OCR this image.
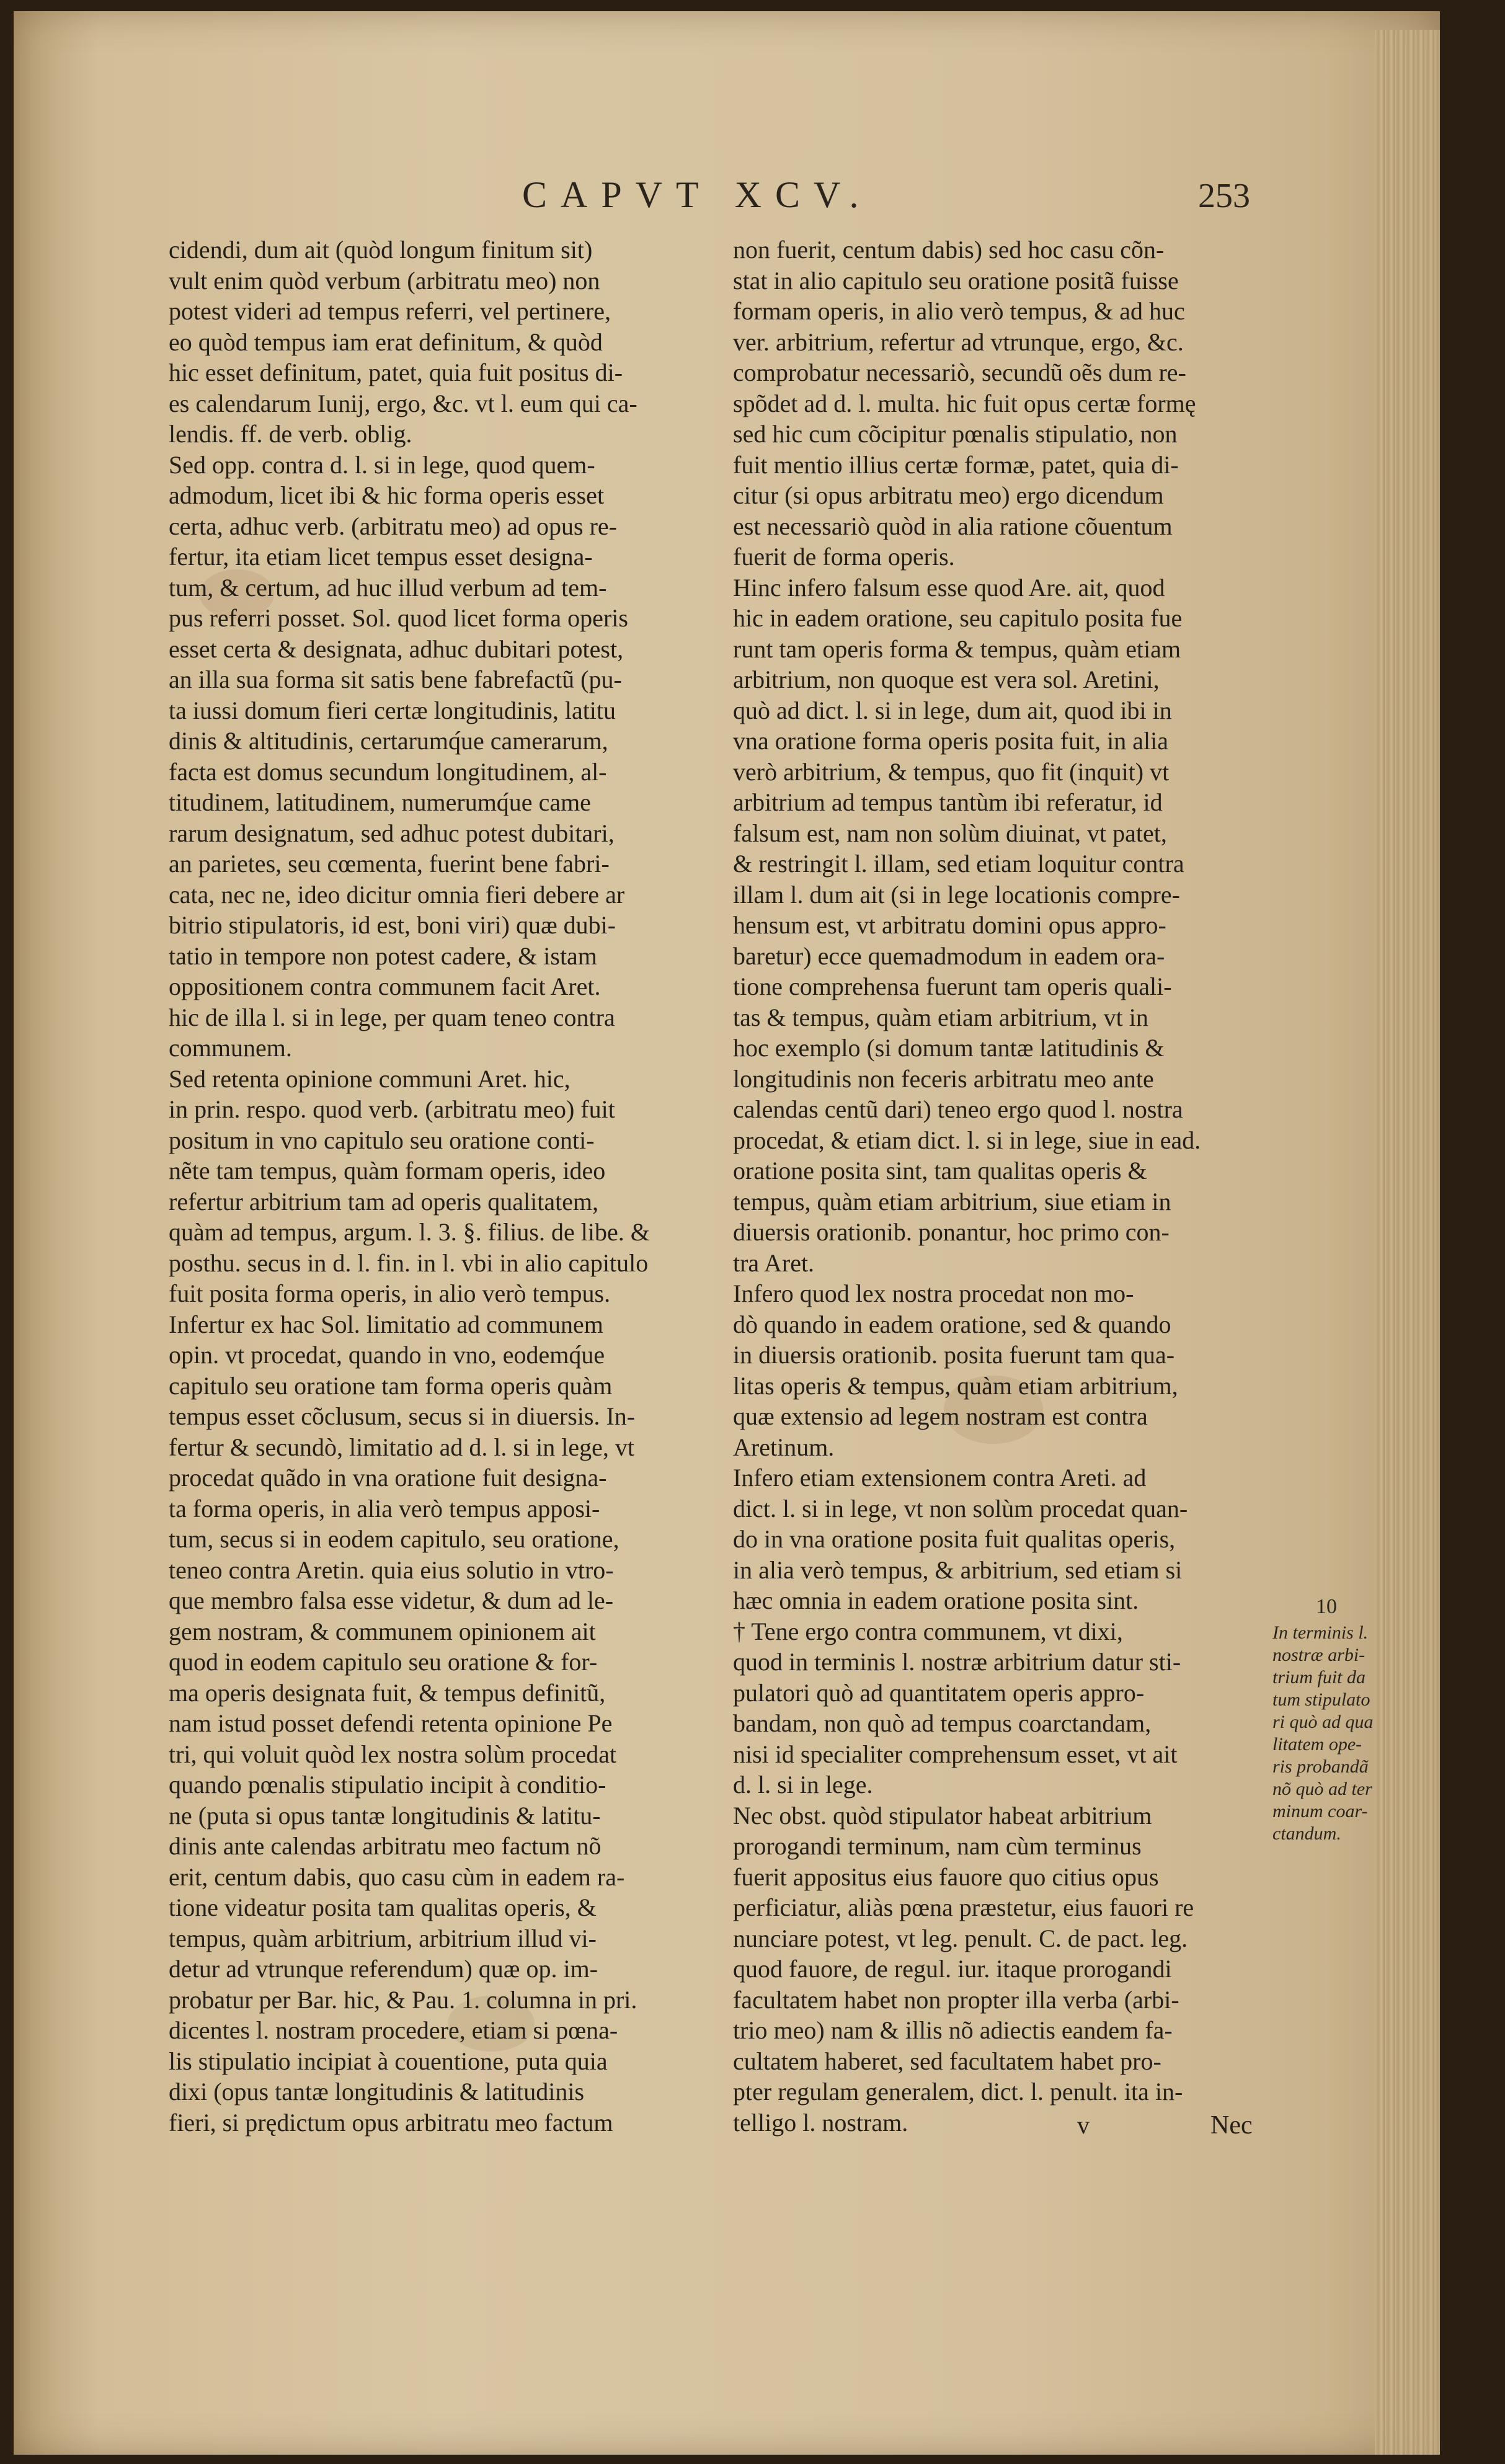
CAPVT XCV.	253
cidendi, dum ait (quòd longum finitum sit)
vult enim quòd verbum (arbitratu meo) non
potest videri ad tempus referri, vel pertinere,
eo quòd tempus iam erat definitum, & quòd
hic esset definitum, patet, quia fuit positus di-
es calendarum Iunij, ergo, &c. vt l. eum qui ca-
lendis. ff. de verb. oblig.
Sed opp. contra d. l. si in lege, quod quem-
admodum, licet ibi & hic forma operis esset
certa, adhuc verb. (arbitratu meo) ad opus re-
fertur, ita etiam licet tempus esset designa-
tum, & certum, ad huc illud verbum ad tem-
pus referri posset. Sol. quod licet forma operis
esset certa & designata, adhuc dubitari potest,
an illa sua forma sit satis bene fabrefactũ (pu-
ta iussi domum fieri certæ longitudinis, latitu
dinis & altitudinis, certarumq́ue camerarum,
facta est domus secundum longitudinem, al-
titudinem, latitudinem, numerumq́ue came
rarum designatum, sed adhuc potest dubitari,
an parietes, seu cœmenta, fuerint bene fabri-
cata, nec ne, ideo dicitur omnia fieri debere ar
bitrio stipulatoris, id est, boni viri) quæ dubi-
tatio in tempore non potest cadere, & istam
oppositionem contra communem facit Aret.
hic de illa l. si in lege, per quam teneo contra
communem.
Sed retenta opinione communi Aret. hic,
in prin. respo. quod verb. (arbitratu meo) fuit
positum in vno capitulo seu oratione conti-
nẽte tam tempus, quàm formam operis, ideo
refertur arbitrium tam ad operis qualitatem,
quàm ad tempus, argum. l. 3. §. filius. de libe. &
posthu. secus in d. l. fin. in l. vbi in alio capitulo
fuit posita forma operis, in alio verò tempus.
Infertur ex hac Sol. limitatio ad communem
opin. vt procedat, quando in vno, eodemq́ue
capitulo seu oratione tam forma operis quàm
tempus esset cõclusum, secus si in diuersis. In-
fertur & secundò, limitatio ad d. l. si in lege, vt
procedat quãdo in vna oratione fuit designa-
ta forma operis, in alia verò tempus apposi-
tum, secus si in eodem capitulo, seu oratione,
teneo contra Aretin. quia eius solutio in vtro-
que membro falsa esse videtur, & dum ad le-
gem nostram, & communem opinionem ait
quod in eodem capitulo seu oratione & for-
ma operis designata fuit, & tempus definitũ,
nam istud posset defendi retenta opinione Pe
tri, qui voluit quòd lex nostra solùm procedat
quando pœnalis stipulatio incipit à conditio-
ne (puta si opus tantæ longitudinis & latitu-
dinis ante calendas arbitratu meo factum nõ
erit, centum dabis, quo casu cùm in eadem ra-
tione videatur posita tam qualitas operis, &
tempus, quàm arbitrium, arbitrium illud vi-
detur ad vtrunque referendum) quæ op. im-
probatur per Bar. hic, & Pau. 1. columna in pri.
dicentes l. nostram procedere, etiam si pœna-
lis stipulatio incipiat à couentione, puta quia
dixi (opus tantæ longitudinis & latitudinis
fieri, si prędictum opus arbitratu meo factum
non fuerit, centum dabis) sed hoc casu cõn-
stat in alio capitulo seu oratione positã fuisse
formam operis, in alio verò tempus, & ad huc
ver. arbitrium, refertur ad vtrunque, ergo, &c.
comprobatur necessariò, secundũ oẽs dum re-
spõdet ad d. l. multa. hic fuit opus certæ formę
sed hic cum cõcipitur pœnalis stipulatio, non
fuit mentio illius certæ formæ, patet, quia di-
citur (si opus arbitratu meo) ergo dicendum
est necessariò quòd in alia ratione cõuentum
fuerit de forma operis.
Hinc infero falsum esse quod Are. ait, quod
hic in eadem oratione, seu capitulo posita fue
runt tam operis forma & tempus, quàm etiam
arbitrium, non quoque est vera sol. Aretini,
quò ad dict. l. si in lege, dum ait, quod ibi in
vna oratione forma operis posita fuit, in alia
verò arbitrium, & tempus, quo fit (inquit) vt
arbitrium ad tempus tantùm ibi referatur, id
falsum est, nam non solùm diuinat, vt patet,
& restringit l. illam, sed etiam loquitur contra
illam l. dum ait (si in lege locationis compre-
hensum est, vt arbitratu domini opus appro-
baretur) ecce quemadmodum in eadem ora-
tione comprehensa fuerunt tam operis quali-
tas & tempus, quàm etiam arbitrium, vt in
hoc exemplo (si domum tantæ latitudinis &
longitudinis non feceris arbitratu meo ante
calendas centũ dari) teneo ergo quod l. nostra
procedat, & etiam dict. l. si in lege, siue in ead.
oratione posita sint, tam qualitas operis &
tempus, quàm etiam arbitrium, siue etiam in
diuersis orationib. ponantur, hoc primo con-
tra Aret.
Infero quod lex nostra procedat non mo-
dò quando in eadem oratione, sed & quando
in diuersis orationib. posita fuerunt tam qua-
litas operis & tempus, quàm etiam arbitrium,
quæ extensio ad legem nostram est contra
Aretinum.
Infero etiam extensionem contra Areti. ad
dict. l. si in lege, vt non solùm procedat quan-
do in vna oratione posita fuit qualitas operis,
in alia verò tempus, & arbitrium, sed etiam si
hæc omnia in eadem oratione posita sint.
† Tene ergo contra communem, vt dixi,
quod in terminis l. nostræ arbitrium datur sti-
pulatori quò ad quantitatem operis appro-
bandam, non quò ad tempus coarctandam,
nisi id specialiter comprehensum esset, vt ait
d. l. si in lege.
Nec obst. quòd stipulator habeat arbitrium
prorogandi terminum, nam cùm terminus
fuerit appositus eius fauore quo citius opus
perficiatur, aliàs pœna præstetur, eius fauori re
nunciare potest, vt leg. penult. C. de pact. leg.
quod fauore, de regul. iur. itaque prorogandi
facultatem habet non propter illa verba (arbi-
trio meo) nam & illis nõ adiectis eandem fa-
cultatem haberet, sed facultatem habet pro-
pter regulam generalem, dict. l. penult. ita in-
telligo l. nostram.
10
In terminis l.
nostræ arbi-
trium fuit da
tum stipulato
ri quò ad qua
litatem ope-
ris probandã
nõ quò ad ter
minum coar-
ctandum.
v	Nec
